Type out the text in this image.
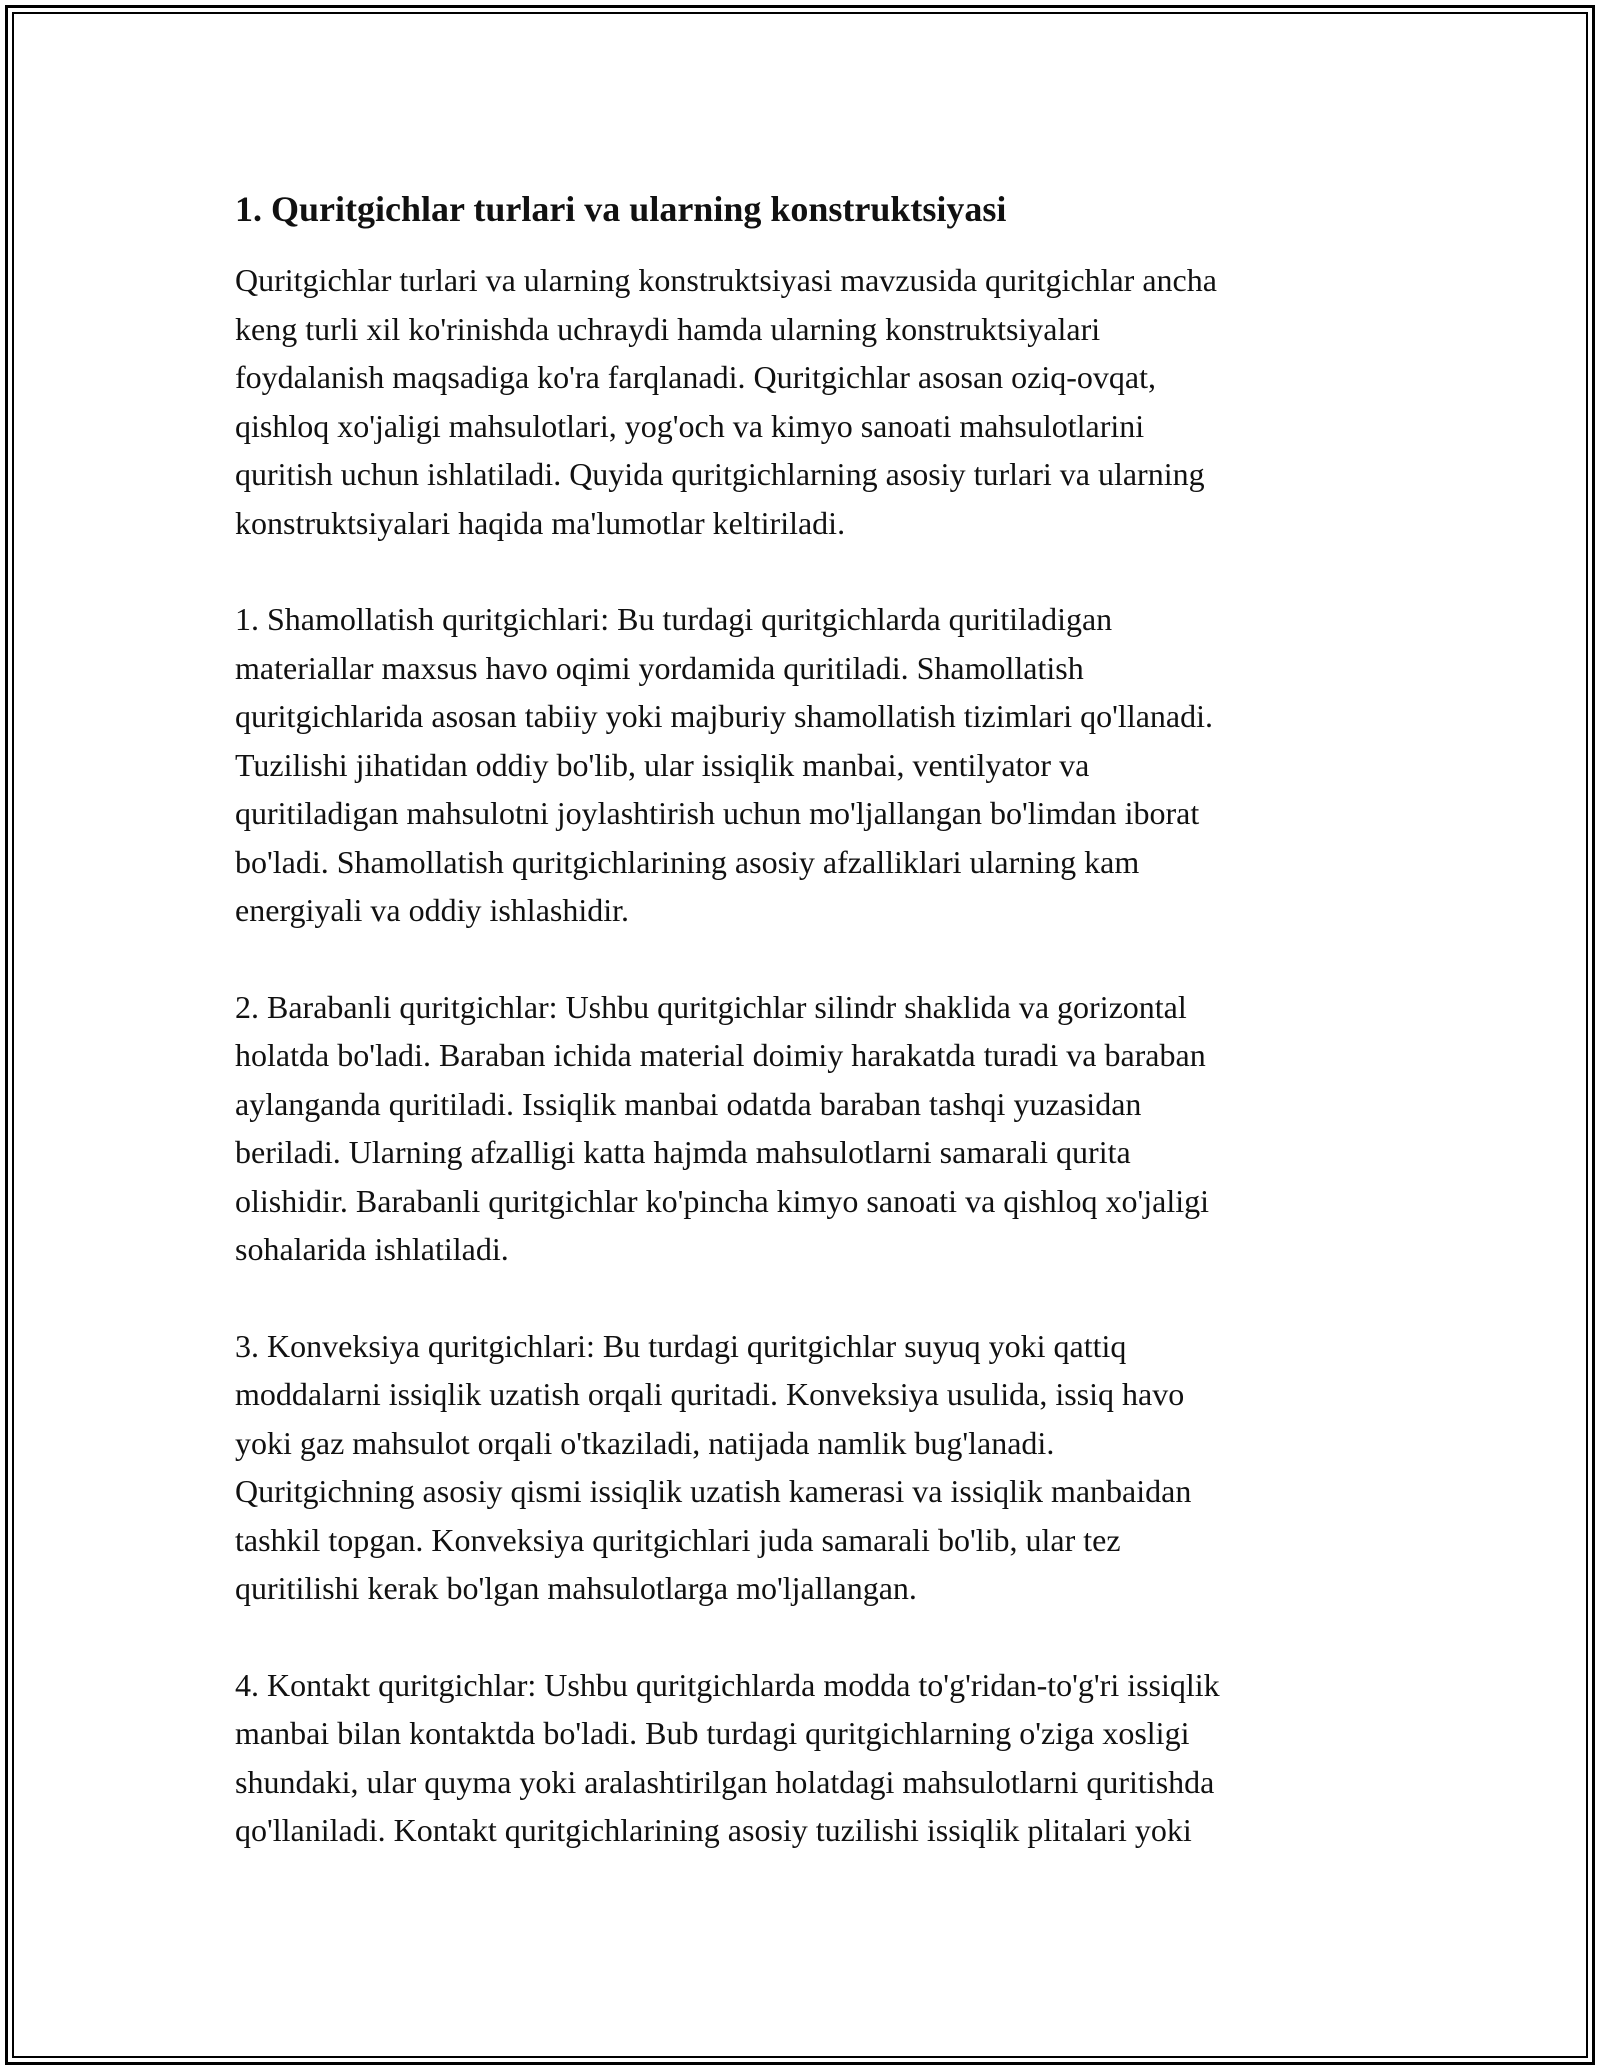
1. Quritgichlar turlari va ularning konstruktsiyasi
Quritgichlar turlari va ularning konstruktsiyasi mavzusida quritgichlar ancha
keng turli xil ko'rinishda uchraydi hamda ularning konstruktsiyalari
foydalanish maqsadiga ko'ra farqlanadi. Quritgichlar asosan oziq-ovqat,
qishloq xo'jaligi mahsulotlari, yog'och va kimyo sanoati mahsulotlarini
quritish uchun ishlatiladi. Quyida quritgichlarning asosiy turlari va ularning
konstruktsiyalari haqida ma'lumotlar keltiriladi.
1. Shamollatish quritgichlari: Bu turdagi quritgichlarda quritiladigan
materiallar maxsus havo oqimi yordamida quritiladi. Shamollatish
quritgichlarida asosan tabiiy yoki majburiy shamollatish tizimlari qo'llanadi.
Tuzilishi jihatidan oddiy bo'lib, ular issiqlik manbai, ventilyator va
quritiladigan mahsulotni joylashtirish uchun mo'ljallangan bo'limdan iborat
bo'ladi. Shamollatish quritgichlarining asosiy afzalliklari ularning kam
energiyali va oddiy ishlashidir.
2. Barabanli quritgichlar: Ushbu quritgichlar silindr shaklida va gorizontal
holatda bo'ladi. Baraban ichida material doimiy harakatda turadi va baraban
aylanganda quritiladi. Issiqlik manbai odatda baraban tashqi yuzasidan
beriladi. Ularning afzalligi katta hajmda mahsulotlarni samarali qurita
olishidir. Barabanli quritgichlar ko'pincha kimyo sanoati va qishloq xo'jaligi
sohalarida ishlatiladi.
3. Konveksiya quritgichlari: Bu turdagi quritgichlar suyuq yoki qattiq
moddalarni issiqlik uzatish orqali quritadi. Konveksiya usulida, issiq havo
yoki gaz mahsulot orqali o'tkaziladi, natijada namlik bug'lanadi.
Quritgichning asosiy qismi issiqlik uzatish kamerasi va issiqlik manbaidan
tashkil topgan. Konveksiya quritgichlari juda samarali bo'lib, ular tez
quritilishi kerak bo'lgan mahsulotlarga mo'ljallangan.
4. Kontakt quritgichlar: Ushbu quritgichlarda modda to'g'ridan-to'g'ri issiqlik
manbai bilan kontaktda bo'ladi. Bub turdagi quritgichlarning o'ziga xosligi
shundaki, ular quyma yoki aralashtirilgan holatdagi mahsulotlarni quritishda
qo'llaniladi. Kontakt quritgichlarining asosiy tuzilishi issiqlik plitalari yoki
